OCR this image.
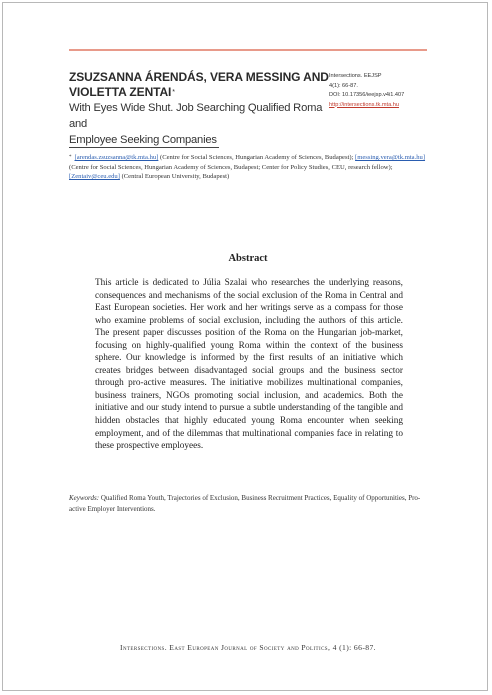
ZSUZSANNA ÁRENDÁS, VERA MESSING AND
VIOLETTA ZENTAI*
With Eyes Wide Shut. Job Searching Qualified Roma and
Employee Seeking Companies
Intersections. EEJSP
4(1): 66-87.
DOI: 10.17356/ieejsp.v4i1.407
http://intersections.tk.mta.hu
* [arendas.zsuzsanna@tk.mta.hu] (Centre for Social Sciences, Hungarian Academy of Sciences, Budapest); [messing.vera@tk.mta.hu] (Centre for Social Sciences, Hungarian Academy of Sciences, Budapest; Center for Policy Studies, CEU, research fellow); [Zentaiv@ceu.edu] (Central European University, Budapest)
Abstract
This article is dedicated to Júlia Szalai who researches the underlying reasons, consequences and mechanisms of the social exclusion of the Roma in Central and East European societies. Her work and her writings serve as a compass for those who examine problems of social exclusion, including the authors of this article. The present paper discusses position of the Roma on the Hungarian job-market, focusing on highly-qualified young Roma within the context of the business sphere. Our knowledge is informed by the first results of an initiative which creates bridges between disadvantaged social groups and the business sector through pro-active measures. The initiative mobilizes multinational companies, business trainers, NGOs promoting social inclusion, and academics. Both the initiative and our study intend to pursue a subtle understanding of the tangible and hidden obstacles that highly educated young Roma encounter when seeking employment, and of the dilemmas that multinational companies face in relating to these prospective employees.
Keywords: Qualified Roma Youth, Trajectories of Exclusion, Business Recruitment Practices, Equality of Opportunities, Pro-active Employer Interventions.
Intersections. East European Journal of Society and Politics, 4 (1): 66-87.
